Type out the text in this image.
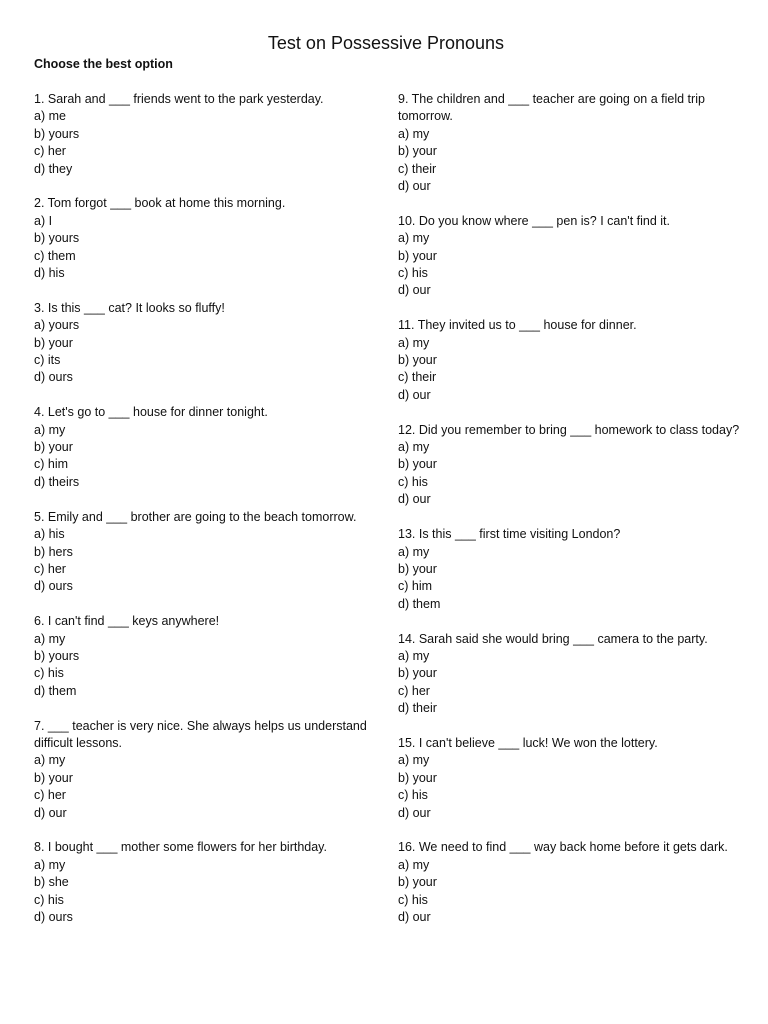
Test on Possessive Pronouns
Choose the best option
1. Sarah and ___ friends went to the park yesterday.
a) me
b) yours
c) her
d) they
2. Tom forgot ___ book at home this morning.
a) I
b) yours
c) them
d) his
3. Is this ___ cat? It looks so fluffy!
a) yours
b) your
c) its
d) ours
4. Let's go to ___ house for dinner tonight.
a) my
b) your
c) him
d) theirs
5. Emily and ___ brother are going to the beach tomorrow.
a) his
b) hers
c) her
d) ours
6. I can't find ___ keys anywhere!
a) my
b) yours
c) his
d) them
7. ___ teacher is very nice. She always helps us understand difficult lessons.
a) my
b) your
c) her
d) our
8. I bought ___ mother some flowers for her birthday.
a) my
b) she
c) his
d) ours
9. The children and ___ teacher are going on a field trip tomorrow.
a) my
b) your
c) their
d) our
10. Do you know where ___ pen is? I can't find it.
a) my
b) your
c) his
d) our
11. They invited us to ___ house for dinner.
a) my
b) your
c) their
d) our
12. Did you remember to bring ___ homework to class today?
a) my
b) your
c) his
d) our
13. Is this ___ first time visiting London?
a) my
b) your
c) him
d) them
14. Sarah said she would bring ___ camera to the party.
a) my
b) your
c) her
d) their
15. I can't believe ___ luck! We won the lottery.
a) my
b) your
c) his
d) our
16. We need to find ___ way back home before it gets dark.
a) my
b) your
c) his
d) our
